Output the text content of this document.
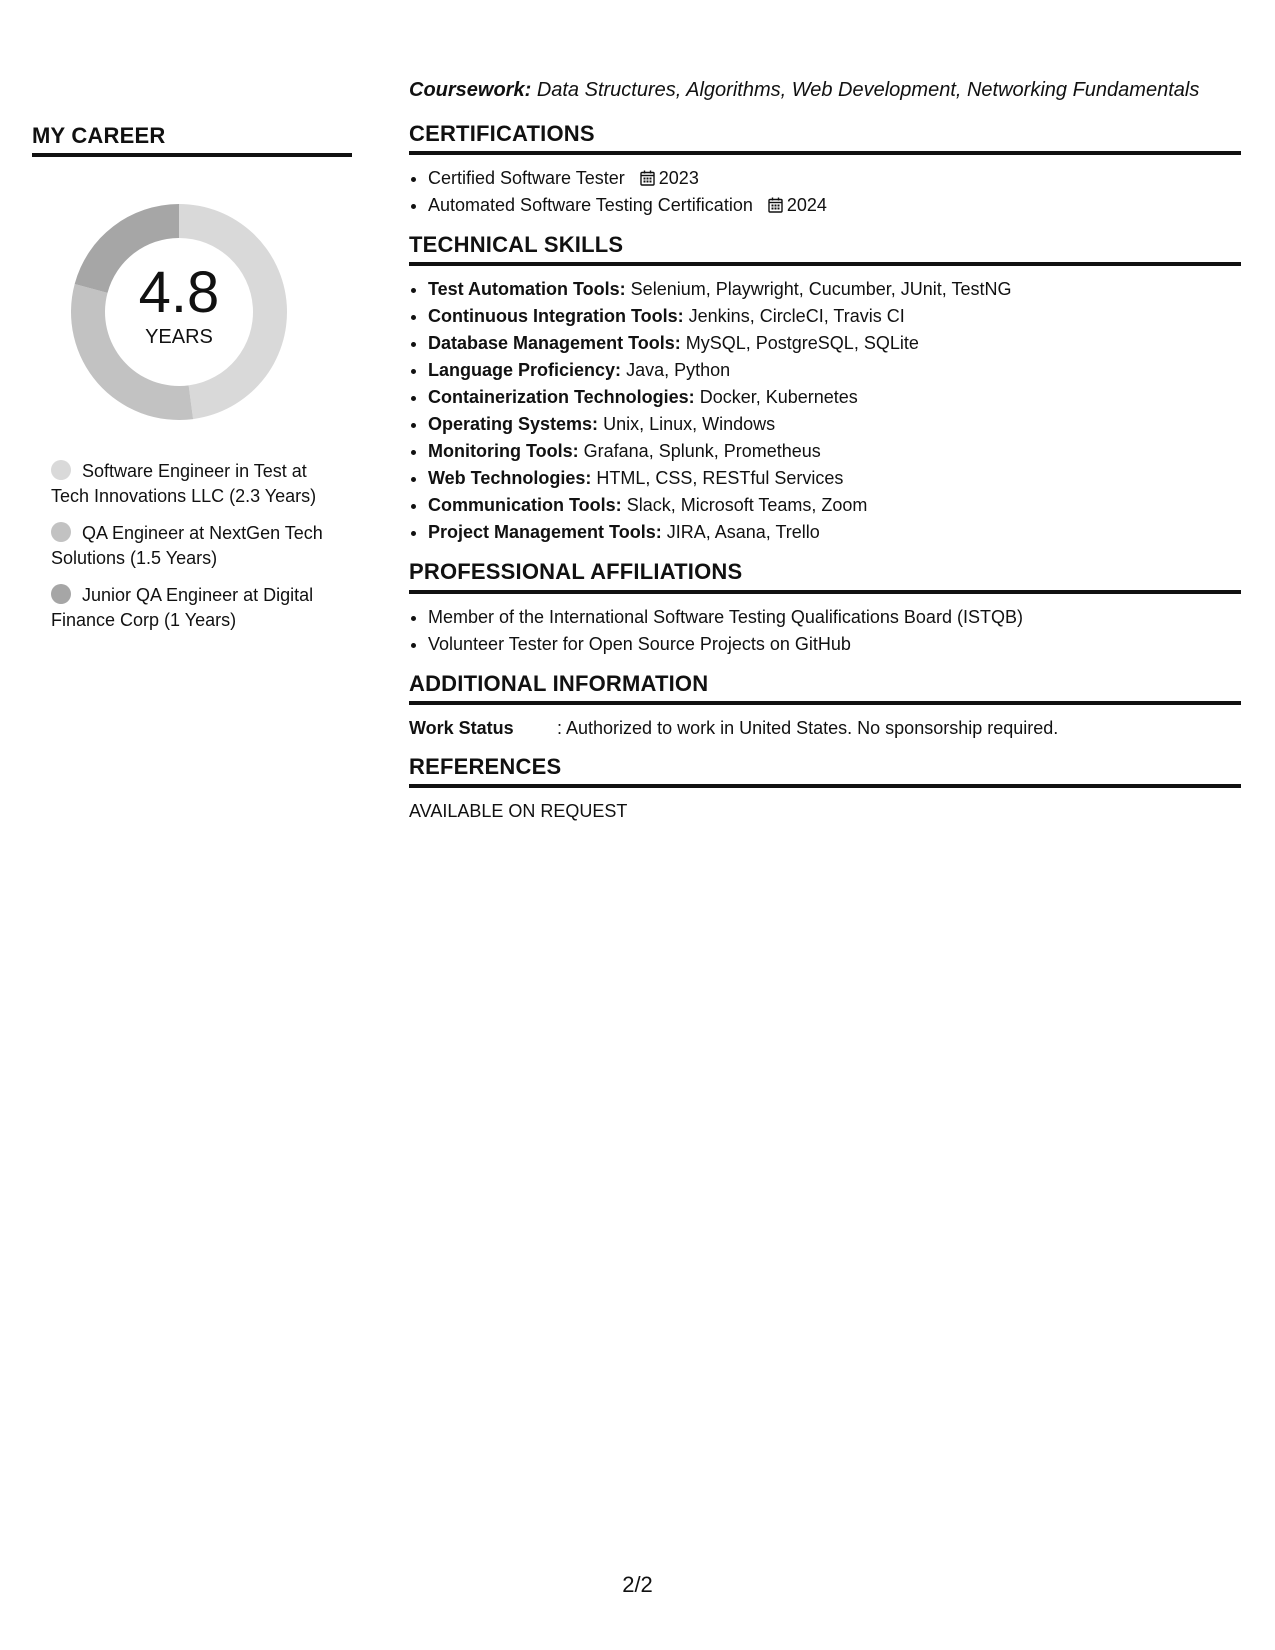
MY CAREER
4.8
YEARS
Software Engineer in Test at Tech Innovations LLC (2.3 Years)
QA Engineer at NextGen Tech Solutions (1.5 Years)
Junior QA Engineer at Digital Finance Corp (1 Years)

Coursework: Data Structures, Algorithms, Web Development, Networking Fundamentals

CERTIFICATIONS
• Certified Software Tester 2023
• Automated Software Testing Certification 2024
TECHNICAL SKILLS
• Test Automation Tools: Selenium, Playwright, Cucumber, JUnit, TestNG
• Continuous Integration Tools: Jenkins, CircleCI, Travis CI
• Database Management Tools: MySQL, PostgreSQL, SQLite
• Language Proficiency: Java, Python
• Containerization Technologies: Docker, Kubernetes
• Operating Systems: Unix, Linux, Windows
• Monitoring Tools: Grafana, Splunk, Prometheus
• Web Technologies: HTML, CSS, RESTful Services
• Communication Tools: Slack, Microsoft Teams, Zoom
• Project Management Tools: JIRA, Asana, Trello
PROFESSIONAL AFFILIATIONS
• Member of the International Software Testing Qualifications Board (ISTQB)
• Volunteer Tester for Open Source Projects on GitHub
ADDITIONAL INFORMATION
Work Status : Authorized to work in United States. No sponsorship required.
REFERENCES
AVAILABLE ON REQUEST
2/2
